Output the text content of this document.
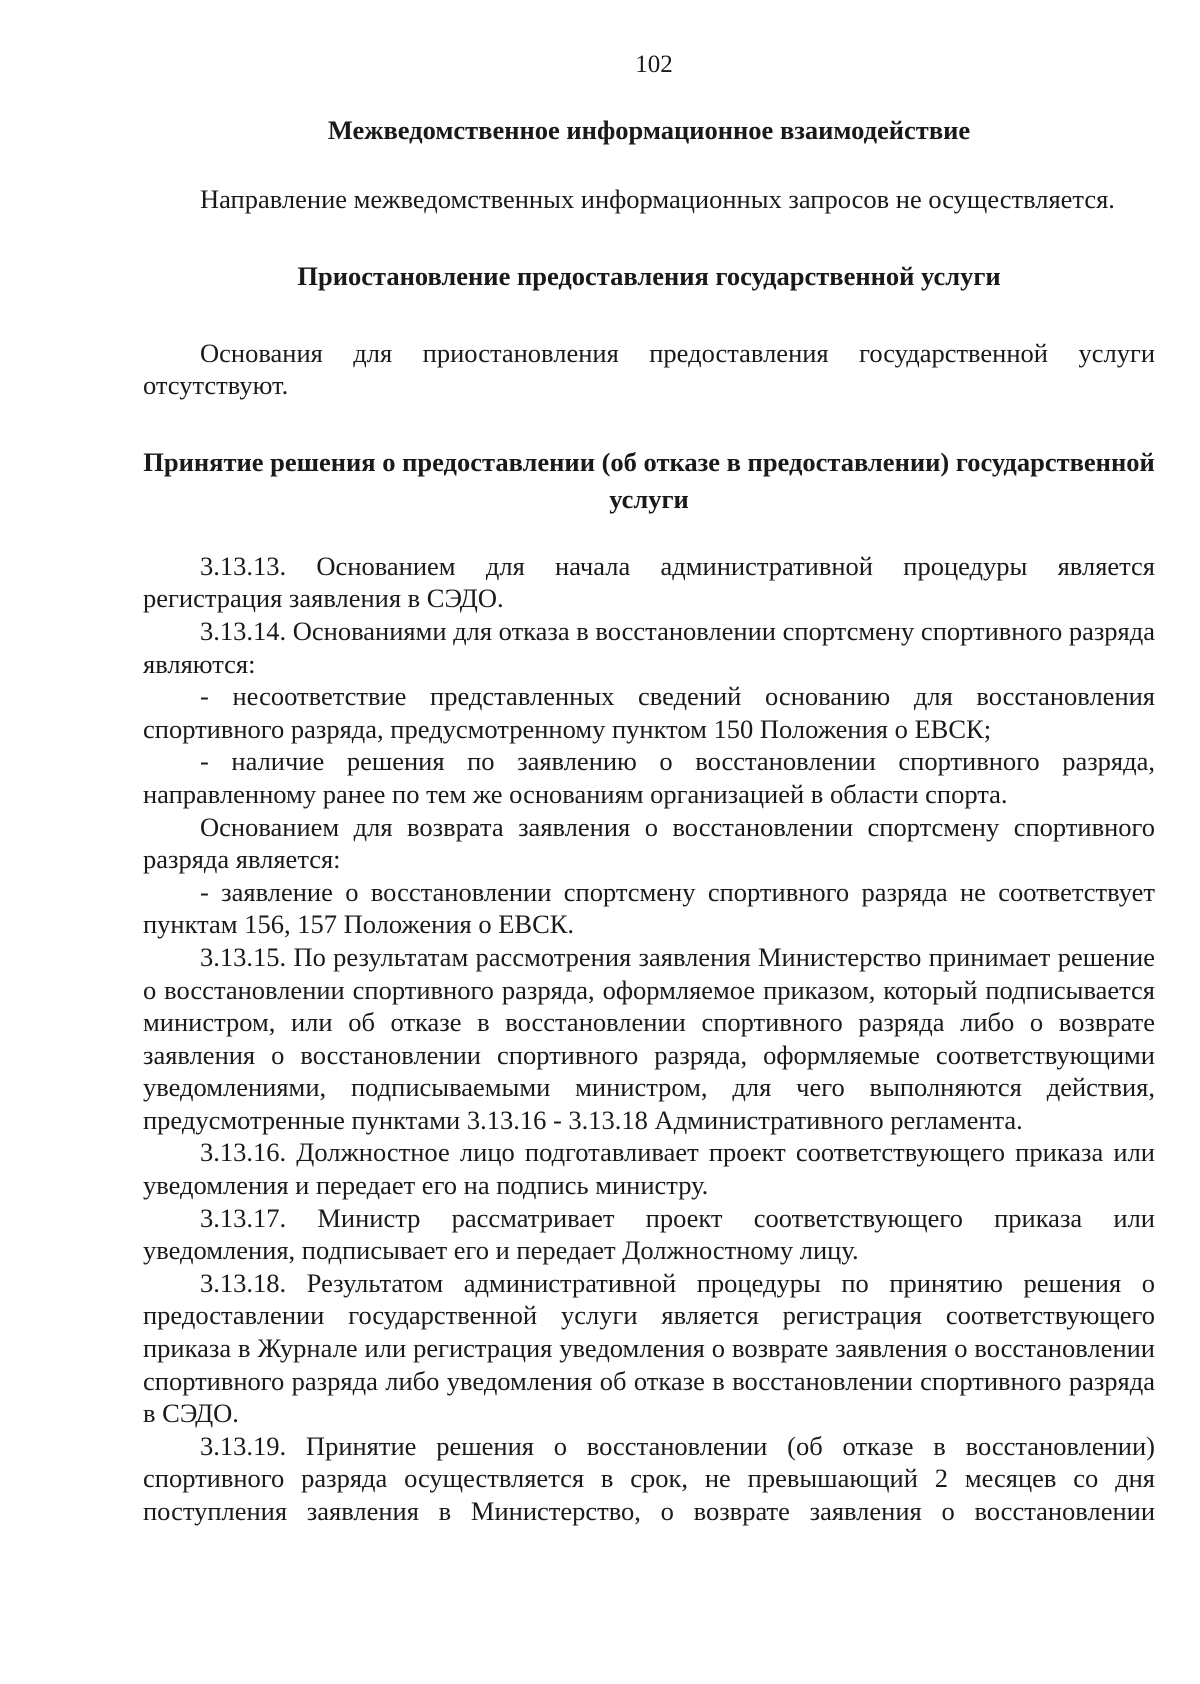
102
Межведомственное информационное взаимодействие

Направление межведомственных информационных запросов не осуществляется.

Приостановление предоставления государственной услуги

Основания для приостановления предоставления государственной услуги отсутствуют.

Принятие решения о предоставлении (об отказе в предоставлении) государственной услуги

3.13.13. Основанием для начала административной процедуры является регистрация заявления в СЭДО.

3.13.14. Основаниями для отказа в восстановлении спортсмену спортивного разряда являются:

- несоответствие представленных сведений основанию для восстановления спортивного разряда, предусмотренному пунктом 150 Положения о ЕВСК;

- наличие решения по заявлению о восстановлении спортивного разряда, направленному ранее по тем же основаниям организацией в области спорта.

Основанием для возврата заявления о восстановлении спортсмену спортивного разряда является:

- заявление о восстановлении спортсмену спортивного разряда не соответствует пунктам 156, 157 Положения о ЕВСК.

3.13.15. По результатам рассмотрения заявления Министерство принимает решение о восстановлении спортивного разряда, оформляемое приказом, который подписывается министром, или об отказе в восстановлении спортивного разряда либо о возврате заявления о восстановлении спортивного разряда, оформляемые соответствующими уведомлениями, подписываемыми министром, для чего выполняются действия, предусмотренные пунктами 3.13.16 - 3.13.18 Административного регламента.

3.13.16. Должностное лицо подготавливает проект соответствующего приказа или уведомления и передает его на подпись министру.

3.13.17. Министр рассматривает проект соответствующего приказа или уведомления, подписывает его и передает Должностному лицу.

3.13.18. Результатом административной процедуры по принятию решения о предоставлении государственной услуги является регистрация соответствующего приказа в Журнале или регистрация уведомления о возврате заявления о восстановлении спортивного разряда либо уведомления об отказе в восстановлении спортивного разряда в СЭДО.

3.13.19. Принятие решения о восстановлении (об отказе в восстановлении) спортивного разряда осуществляется в срок, не превышающий 2 месяцев со дня поступления заявления в Министерство, о возврате заявления о восстановлении
